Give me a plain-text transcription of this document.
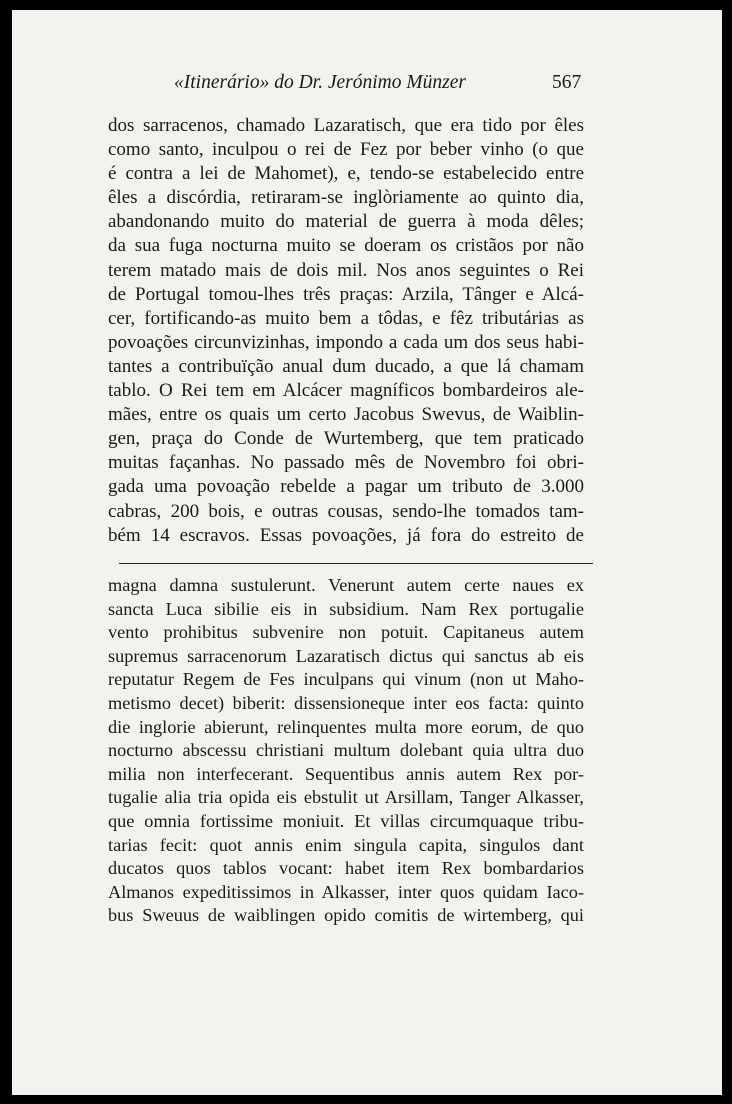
«Itinerário» do Dr. Jerónimo Münzer	567
dos sarracenos, chamado Lazaratisch, que era tido por êles
como santo, inculpou o rei de Fez por beber vinho (o que
é contra a lei de Mahomet), e, tendo-se estabelecido entre
êles a discórdia, retiraram-se inglòriamente ao quinto dia,
abandonando muito do material de guerra à moda dêles;
da sua fuga nocturna muito se doeram os cristãos por não
terem matado mais de dois mil. Nos anos seguintes o Rei
de Portugal tomou-lhes três praças: Arzila, Tânger e Alcá-
cer, fortificando-as muito bem a tôdas, e fêz tributárias as
povoações circunvizinhas, impondo a cada um dos seus habi-
tantes a contribuïção anual dum ducado, a que lá chamam
tablo. O Rei tem em Alcácer magníficos bombardeiros ale-
mães, entre os quais um certo Jacobus Swevus, de Waiblin-
gen, praça do Conde de Wurtemberg, que tem praticado
muitas façanhas. No passado mês de Novembro foi obri-
gada uma povoação rebelde a pagar um tributo de 3.000
cabras, 200 bois, e outras cousas, sendo-lhe tomados tam-
bém 14 escravos. Essas povoações, já fora do estreito de
magna damna sustulerunt. Venerunt autem certe naues ex
sancta Luca sibilie eis in subsidium. Nam Rex portugalie
vento prohibitus subvenire non potuit. Capitaneus autem
supremus sarracenorum Lazaratisch dictus qui sanctus ab eis
reputatur Regem de Fes inculpans qui vinum (non ut Maho-
metismo decet) biberit: dissensioneque inter eos facta: quinto
die inglorie abierunt, relinquentes multa more eorum, de quo
nocturno abscessu christiani multum dolebant quia ultra duo
milia non interfecerant. Sequentibus annis autem Rex por-
tugalie alia tria opida eis ebstulit ut Arsillam, Tanger Alkasser,
que omnia fortissime moniuit. Et villas circumquaque tribu-
tarias fecit: quot annis enim singula capita, singulos dant
ducatos quos tablos vocant: habet item Rex bombardarios
Almanos expeditissimos in Alkasser, inter quos quidam Iaco-
bus Sweuus de waiblingen opido comitis de wirtemberg, qui
